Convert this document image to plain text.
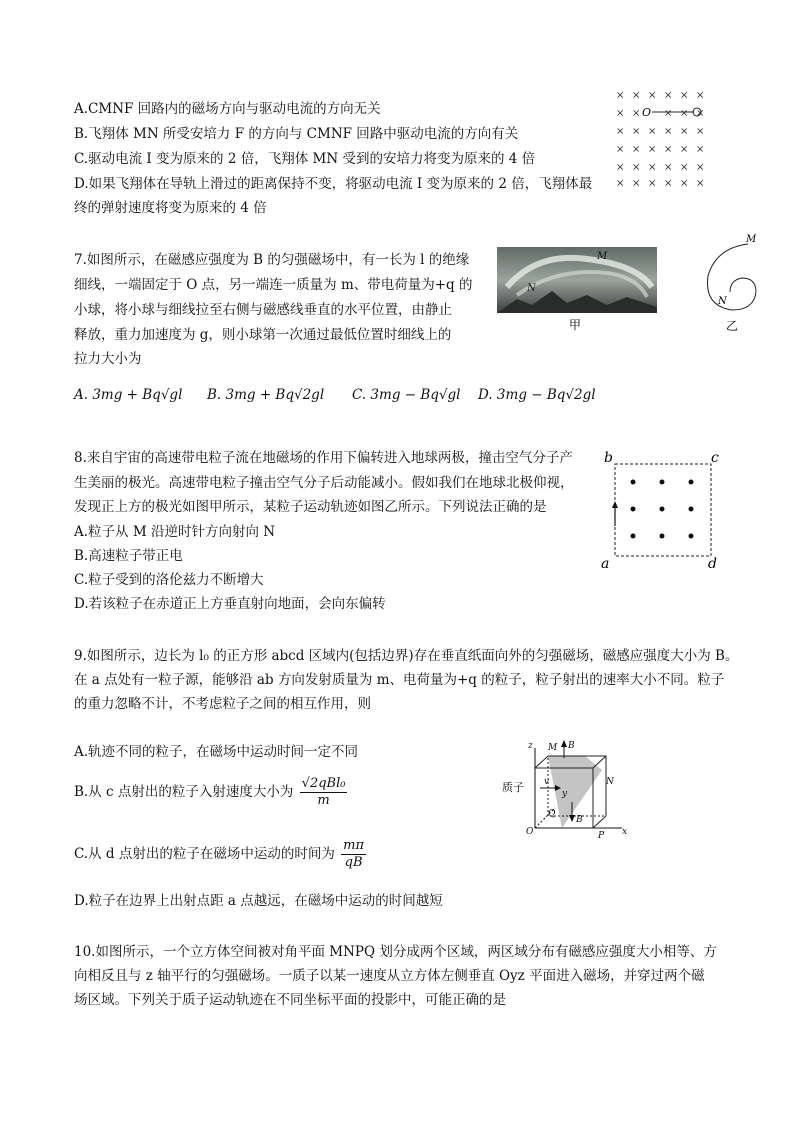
A.CMNF 回路内的磁场方向与驱动电流的方向无关
B.飞翔体 MN 所受安培力 F 的方向与 CMNF 回路中驱动电流的方向有关
C.驱动电流 I 变为原来的 2 倍，飞翔体 MN 受到的安培力将变为原来的 4 倍
D.如果飞翔体在导轨上滑过的距离保持不变，将驱动电流 I 变为原来的 2 倍，飞翔体最
终的弹射速度将变为原来的 4 倍
× × × × × ×
× × × × ×
× × × × × ×
× × × × × ×
× × × × × ×
× × × × × ×
O
7.如图所示，在磁感应强度为 B 的匀强磁场中，有一长为 l 的绝缘
细线，一端固定于 O 点，另一端连一质量为 m、带电荷量为+q 的
小球，将小球与细线拉至右侧与磁感线垂直的水平位置，由静止
释放，重力加速度为 g，则小球第一次通过最低位置时细线上的
拉力大小为
A. 3mg + Bq√gl B. 3mg + Bq√2gl C. 3mg − Bq√gl D. 3mg − Bq√2gl
M
N
甲
M
N
乙
8.来自宇宙的高速带电粒子流在地磁场的作用下偏转进入地球两极，撞击空气分子产
生美丽的极光。高速带电粒子撞击空气分子后动能减小。假如我们在地球北极仰视，
发现正上方的极光如图甲所示，某粒子运动轨迹如图乙所示。下列说法正确的是
A.粒子从 M 沿逆时针方向射向 N
B.高速粒子带正电
C.粒子受到的洛伦兹力不断增大
D.若该粒子在赤道正上方垂直射向地面，会向东偏转
b	c
a	d
9.如图所示，边长为 l₀ 的正方形 abcd 区域内(包括边界)存在垂直纸面向外的匀强磁场，磁感应强度大小为 B。
在 a 点处有一粒子源，能够沿 ab 方向发射质量为 m、电荷量为+q 的粒子，粒子射出的速率大小不同。粒子
的重力忽略不计，不考虑粒子之间的相互作用，则
A.轨迹不同的粒子，在磁场中运动时间一定不同
B.从 c 点射出的粒子入射速度大小为 $\frac{\text{√2qBl₀}}{m}$
C.从 d 点射出的粒子在磁场中运动的时间为 $\frac{m\pi}{qB}$
D.粒子在边界上出射点距 a 点越远，在磁场中运动的时间越短
z M B
N
v
y
Q
B
O	P x
质子
10.如图所示，一个立方体空间被对角平面 MNPQ 划分成两个区域，两区域分布有磁感应强度大小相等、方
向相反且与 z 轴平行的匀强磁场。一质子以某一速度从立方体左侧垂直 Oyz 平面进入磁场，并穿过两个磁
场区域。下列关于质子运动轨迹在不同坐标平面的投影中，可能正确的是
